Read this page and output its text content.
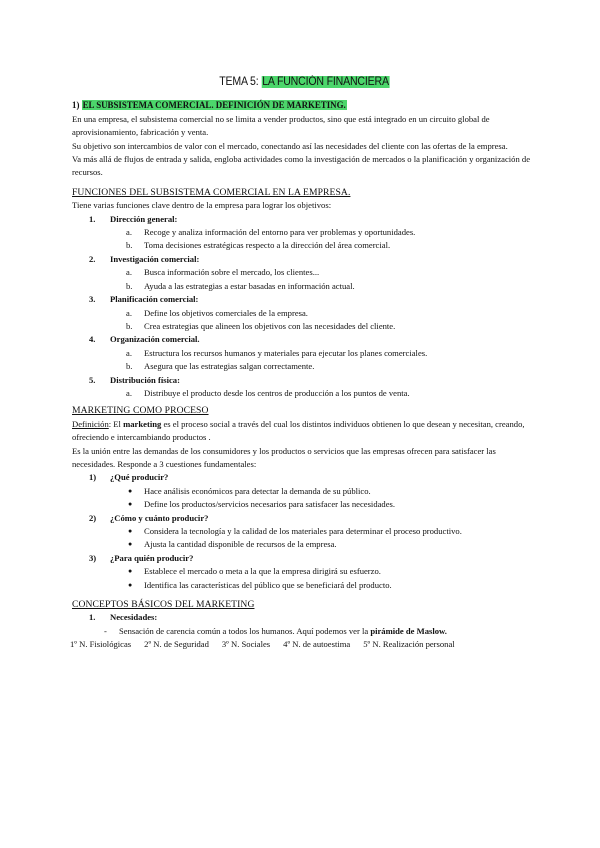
TEMA 5: LA FUNCIÓN FINANCIERA

1) EL SUBSISTEMA COMERCIAL. DEFINICIÓN DE MARKETING.

En una empresa, el subsistema comercial no se limita a vender productos, sino que está integrado en un circuito global de aprovisionamiento, fabricación y venta.

Su objetivo son intercambios de valor con el mercado, conectando así las necesidades del cliente con las ofertas de la empresa.

Va más allá de flujos de entrada y salida, engloba actividades como la investigación de mercados o la planificación y organización de recursos.

FUNCIONES DEL SUBSISTEMA COMERCIAL EN LA EMPRESA.

Tiene varias funciones clave dentro de la empresa para lograr los objetivos:

1. Dirección general:
a. Recoge y analiza información del entorno para ver problemas y oportunidades.
b. Toma decisiones estratégicas respecto a la dirección del área comercial.
2. Investigación comercial:
a. Busca información sobre el mercado, los clientes...
b. Ayuda a las estrategias a estar basadas en información actual.
3. Planificación comercial:
a. Define los objetivos comerciales de la empresa.
b. Crea estrategias que alineen los objetivos con las necesidades del cliente.
4. Organización comercial.
a. Estructura los recursos humanos y materiales para ejecutar los planes comerciales.
b. Asegura que las estrategias salgan correctamente.
5. Distribución física:
a. Distribuye el producto desde los centros de producción a los puntos de venta.

MARKETING COMO PROCESO

Definición: El marketing es el proceso social a través del cual los distintos individuos obtienen lo que desean y necesitan, creando, ofreciendo e intercambiando productos .

Es la unión entre las demandas de los consumidores y los productos o servicios que las empresas ofrecen para satisfacer las necesidades. Responde a 3 cuestiones fundamentales:

1) ¿Qué producir?
● Hace análisis económicos para detectar la demanda de su público.
● Define los productos/servicios necesarios para satisfacer las necesidades.
2) ¿Cómo y cuánto producir?
● Considera la tecnología y la calidad de los materiales para determinar el proceso productivo.
● Ajusta la cantidad disponible de recursos de la empresa.
3) ¿Para quién producir?
● Establece el mercado o meta a la que la empresa dirigirá su esfuerzo.
● Identifica las características del público que se beneficiará del producto.

CONCEPTOS BÁSICOS DEL MARKETING

1. Necesidades:
- Sensación de carencia común a todos los humanos. Aquí podemos ver la pirámide de Maslow.
1º N. Fisiológicas 2º N. de Seguridad 3º N. Sociales 4º N. de autoestima 5º N. Realización personal
